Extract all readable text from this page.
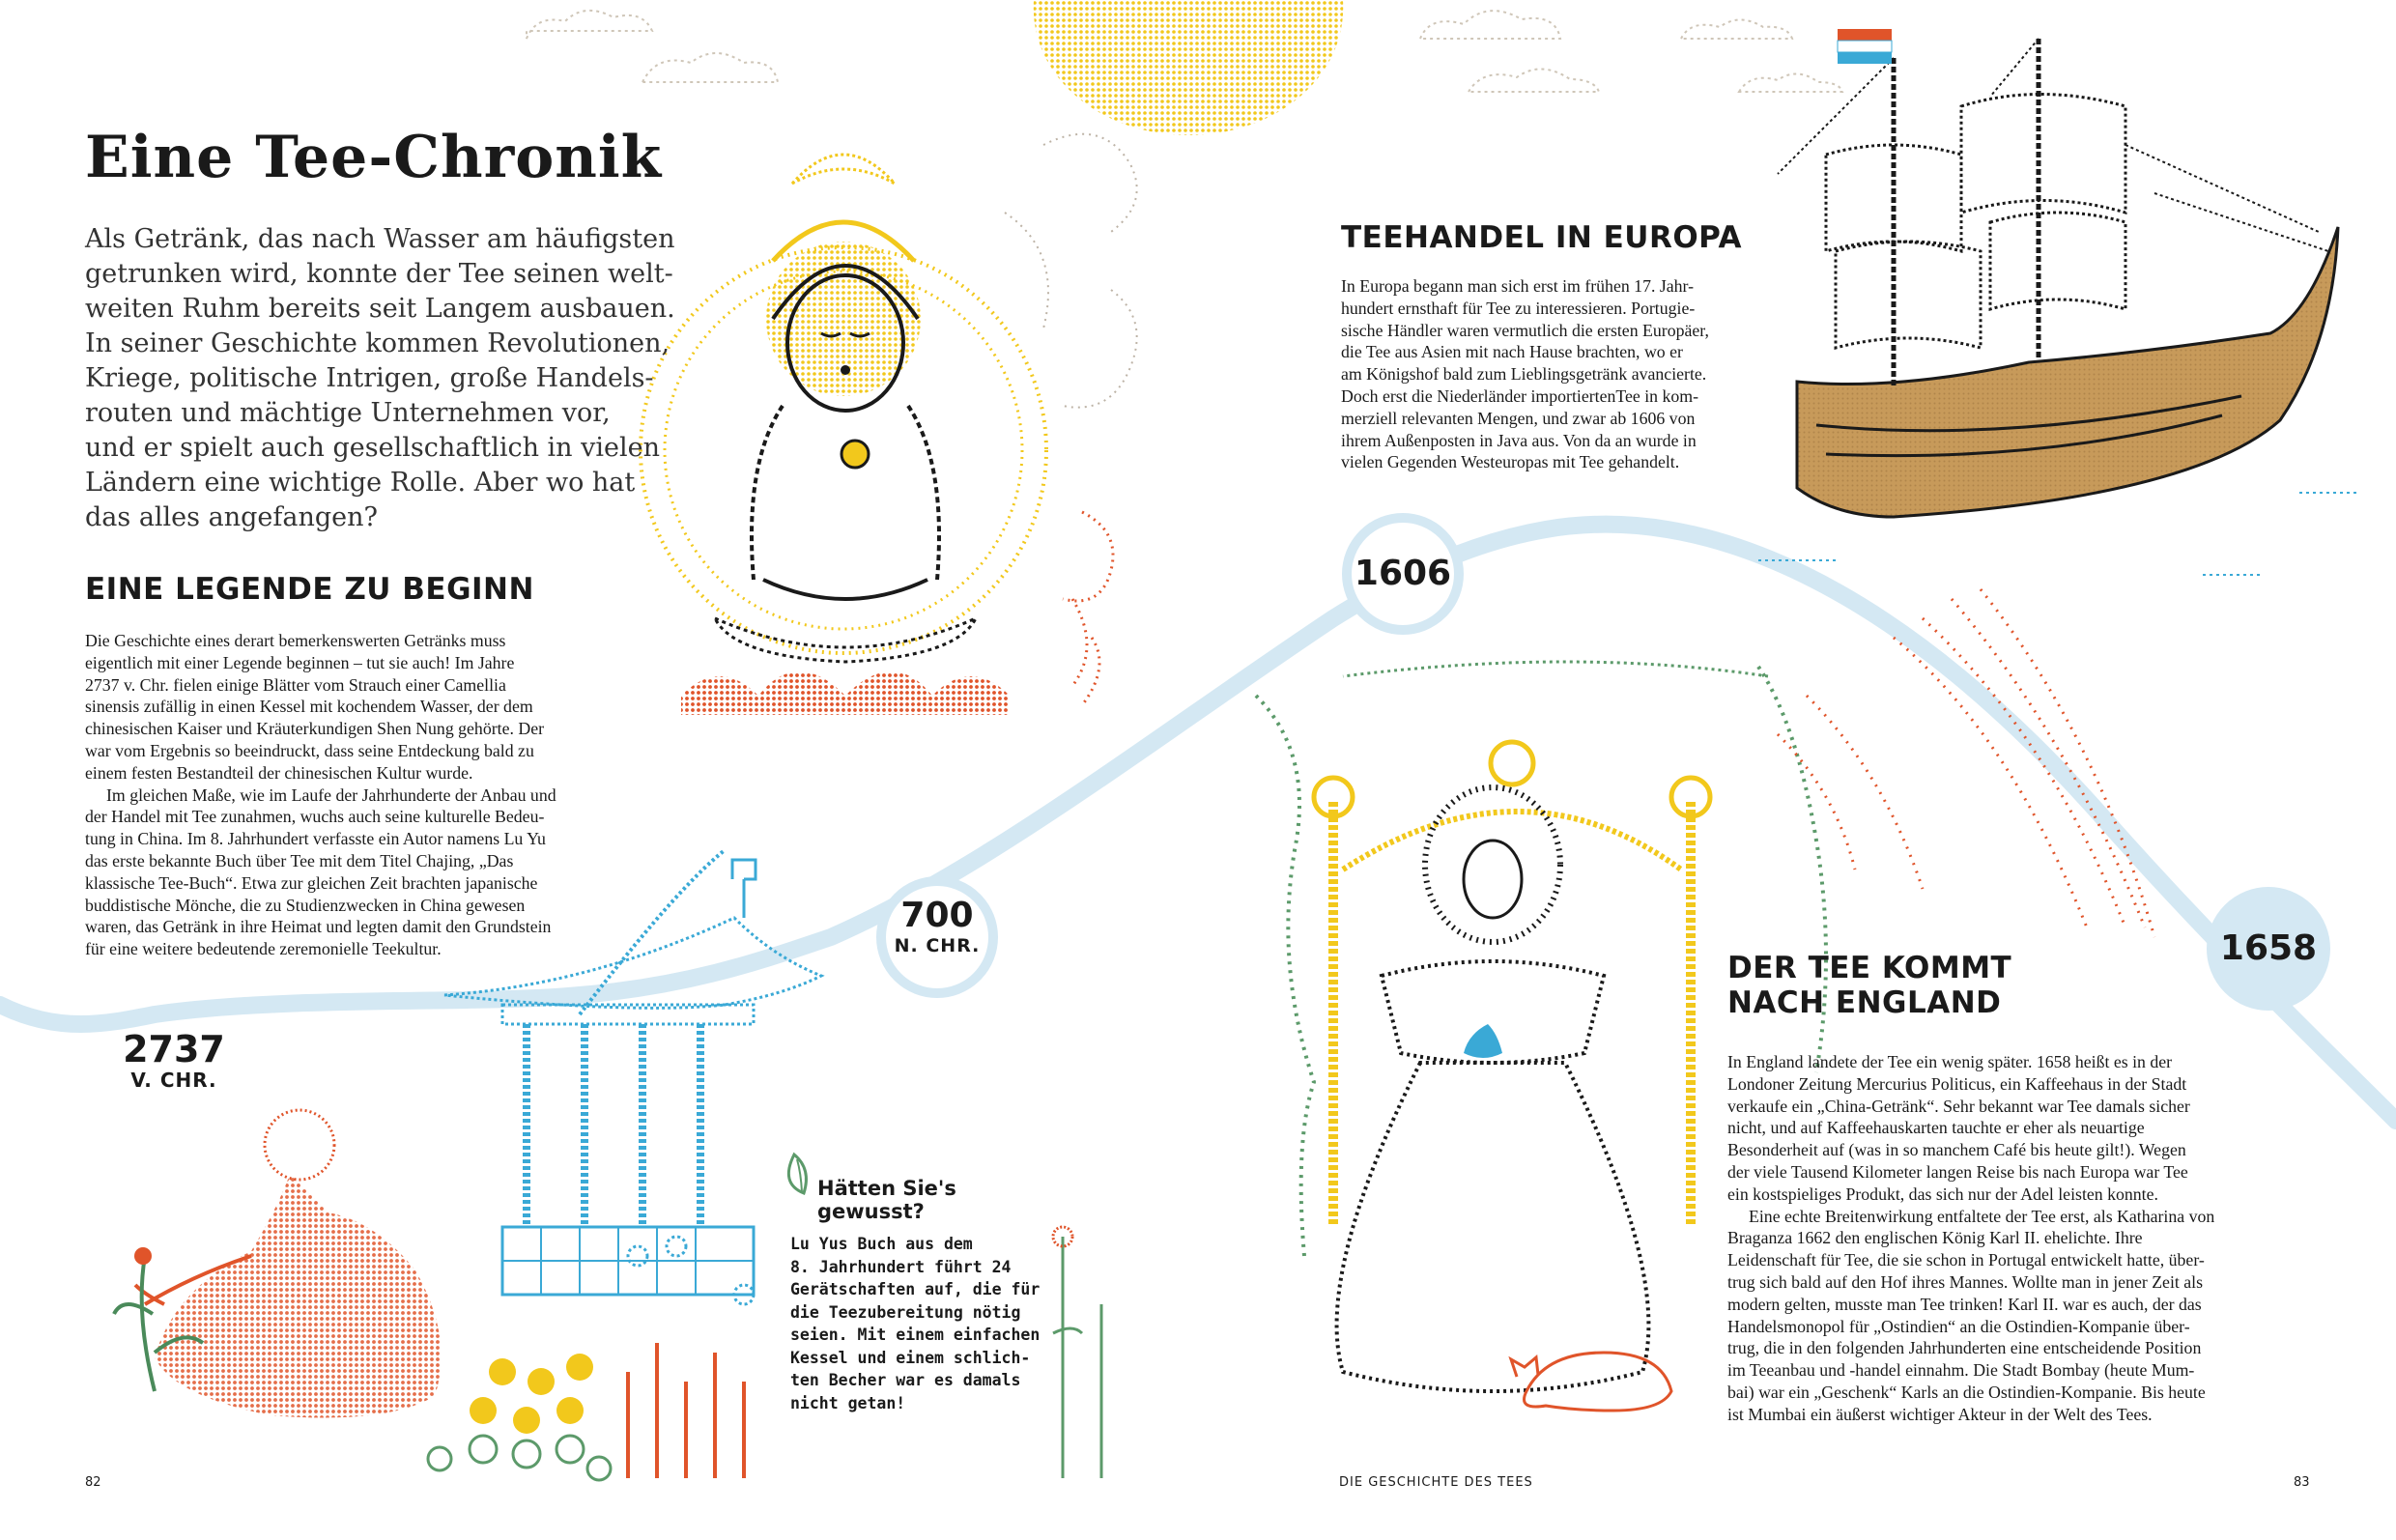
2737
V. CHR.
700
N. CHR.
1606
1658
Eine Tee-Chronik
Als Getränk, das nach Wasser am häufigsten
getrunken wird, konnte der Tee seinen welt-
weiten Ruhm bereits seit Langem ausbauen.
In seiner Geschichte kommen Revolutionen,
Kriege, politische Intrigen, große Handels-
routen und mächtige Unternehmen vor,
und er spielt auch gesellschaftlich in vielen
Ländern eine wichtige Rolle. Aber wo hat
das alles angefangen?
EINE LEGENDE ZU BEGINN
Die Geschichte eines derart bemerkenswerten Getränks muss
eigentlich mit einer Legende beginnen – tut sie auch! Im Jahre
2737 v. Chr. fielen einige Blätter vom Strauch einer Camellia
sinensis zufällig in einen Kessel mit kochendem Wasser, der dem
chinesischen Kaiser und Kräuterkundigen Shen Nung gehörte. Der
war vom Ergebnis so beeindruckt, dass seine Entdeckung bald zu
einem festen Bestandteil der chinesischen Kultur wurde.
Im gleichen Maße, wie im Laufe der Jahrhunderte der Anbau und
der Handel mit Tee zunahmen, wuchs auch seine kulturelle Bedeu-
tung in China. Im 8. Jahrhundert verfasste ein Autor namens Lu Yu
das erste bekannte Buch über Tee mit dem Titel Chajing, „Das
klassische Tee-Buch“. Etwa zur gleichen Zeit brachten japanische
buddistische Mönche, die zu Studienzwecken in China gewesen
waren, das Getränk in ihre Heimat und legten damit den Grundstein
für eine weitere bedeutende zeremonielle Teekultur.
TEEHANDEL IN EUROPA
In Europa begann man sich erst im frühen 17. Jahr-
hundert ernsthaft für Tee zu interessieren. Portugie-
sische Händler waren vermutlich die ersten Europäer,
die Tee aus Asien mit nach Hause brachten, wo er
am Königshof bald zum Lieblingsgetränk avancierte.
Doch erst die Niederländer importiertenTee in kom-
merziell relevanten Mengen, und zwar ab 1606 von
ihrem Außenposten in Java aus. Von da an wurde in
vielen Gegenden Westeuropas mit Tee gehandelt.
DER TEE KOMMT
NACH ENGLAND
In England landete der Tee ein wenig später. 1658 heißt es in der
Londoner Zeitung Mercurius Politicus, ein Kaffeehaus in der Stadt
verkaufe ein „China-Getränk“. Sehr bekannt war Tee damals sicher
nicht, und auf Kaffeehauskarten tauchte er eher als neuartige
Besonderheit auf (was in so manchem Café bis heute gilt!). Wegen
der viele Tausend Kilometer langen Reise bis nach Europa war Tee
ein kostspieliges Produkt, das sich nur der Adel leisten konnte.
Eine echte Breitenwirkung entfaltete der Tee erst, als Katharina von
Braganza 1662 den englischen König Karl II. ehelichte. Ihre
Leidenschaft für Tee, die sie schon in Portugal entwickelt hatte, über-
trug sich bald auf den Hof ihres Mannes. Wollte man in jener Zeit als
modern gelten, musste man Tee trinken! Karl II. war es auch, der das
Handelsmonopol für „Ostindien“ an die Ostindien-Kompanie über-
trug, die in den folgenden Jahrhunderten eine entscheidende Position
im Teeanbau und -handel einnahm. Die Stadt Bombay (heute Mum-
bai) war ein „Geschenk“ Karls an die Ostindien-Kompanie. Bis heute
ist Mumbai ein äußerst wichtiger Akteur in der Welt des Tees.
Hätten Sie's
gewusst?
Lu Yus Buch aus dem
8. Jahrhundert führt 24
Gerätschaften auf, die für
die Teezubereitung nötig
seien. Mit einem einfachen
Kessel und einem schlich-
ten Becher war es damals
nicht getan!
82	DIE GESCHICHTE DES TEES	83
